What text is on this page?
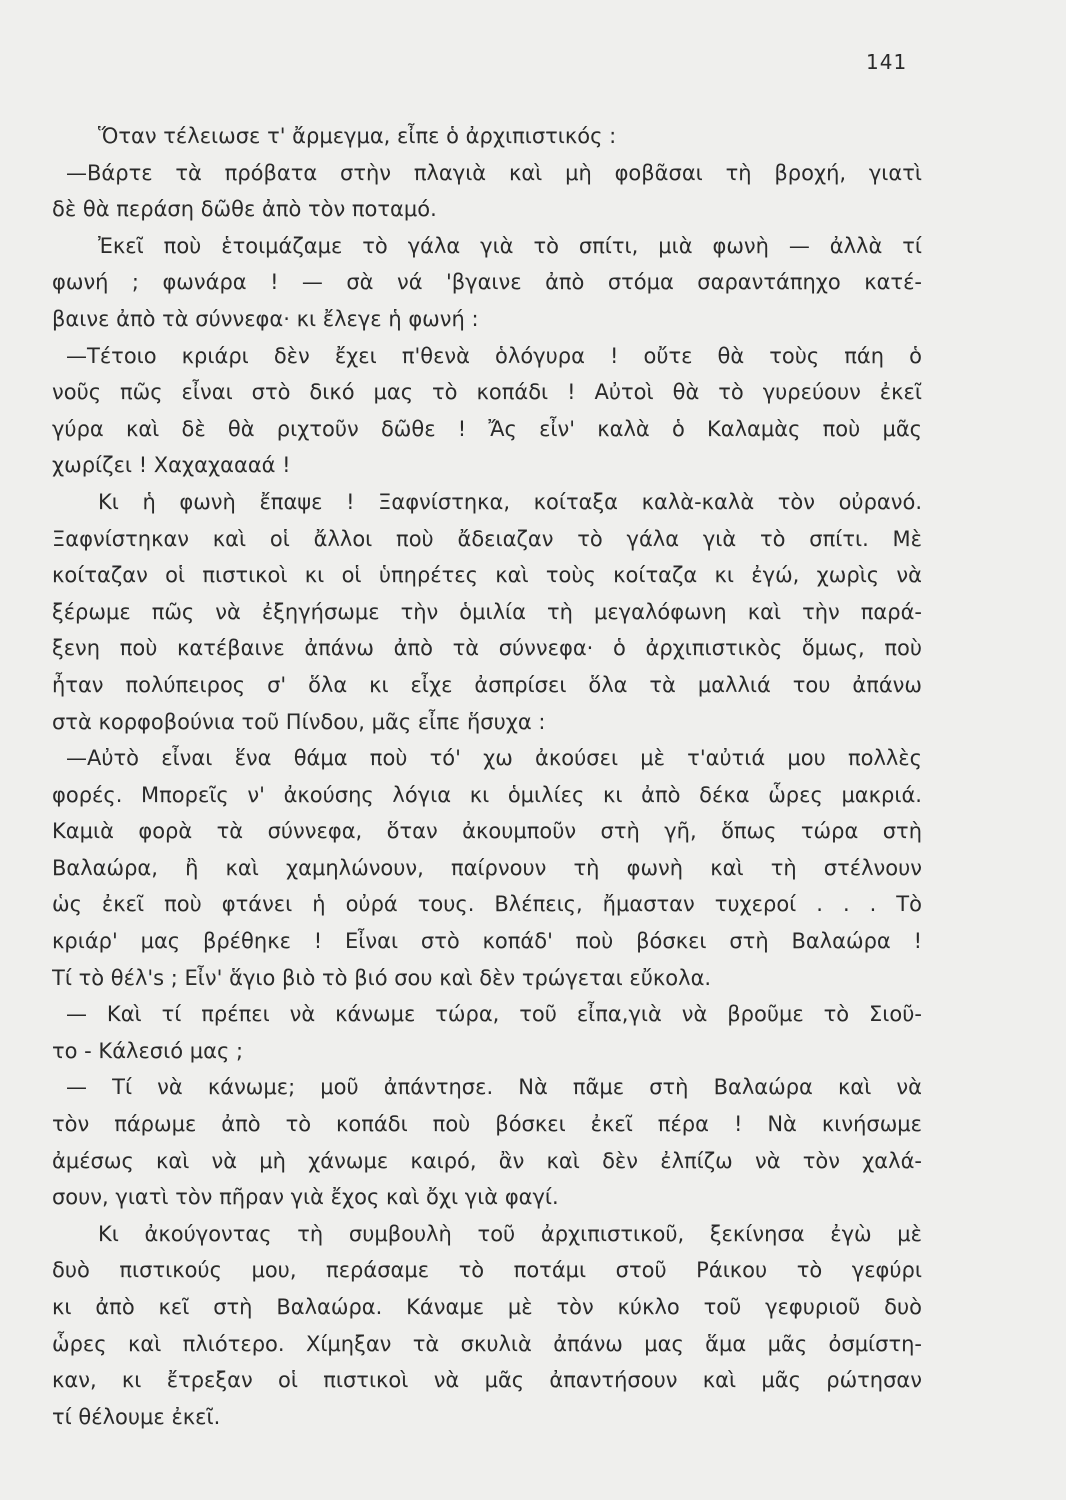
141
Ὅταν τέλειωσε τ' ἄρμεγμα, εἶπε ὁ ἀρχιπιστικός :
—Βάρτε τὰ πρόβατα στὴν πλαγιὰ καὶ μὴ φοβᾶσαι τὴ βροχή, γιατὶ
δὲ θὰ περάση δῶθε ἀπὸ τὸν ποταμό.
Ἐκεῖ ποὺ ἑτοιμάζαμε τὸ γάλα γιὰ τὸ σπίτι, μιὰ φωνὴ — ἀλλὰ τί
φωνή ; φωνάρα ! — σὰ νά 'βγαινε ἀπὸ στόμα σαραντάπηχο κατέ-
βαινε ἀπὸ τὰ σύννεφα· κι ἔλεγε ἡ φωνή :
—Τέτοιο κριάρι δὲν ἔχει π'θενὰ ὁλόγυρα ! οὔτε θὰ τοὺς πάη ὁ
νοῦς πῶς εἶναι στὸ δικό μας τὸ κοπάδι ! Αὐτοὶ θὰ τὸ γυρεύουν ἐκεῖ
γύρα καὶ δὲ θὰ ριχτοῦν δῶθε ! Ἄς εἶν' καλὰ ὁ Καλαμὰς ποὺ μᾶς
χωρίζει ! Χαχαχαααά !
Κι ἡ φωνὴ ἔπαψε ! Ξαφνίστηκα, κοίταξα καλὰ-καλὰ τὸν οὐρανό.
Ξαφνίστηκαν καὶ οἱ ἄλλοι ποὺ ἄδειαζαν τὸ γάλα γιὰ τὸ σπίτι. Μὲ
κοίταζαν οἱ πιστικοὶ κι οἱ ὑπηρέτες καὶ τοὺς κοίταζα κι ἐγώ, χωρὶς νὰ
ξέρωμε πῶς νὰ ἐξηγήσωμε τὴν ὁμιλία τὴ μεγαλόφωνη καὶ τὴν παρά-
ξενη ποὺ κατέβαινε ἀπάνω ἀπὸ τὰ σύννεφα· ὁ ἀρχιπιστικὸς ὅμως, ποὺ
ἦταν πολύπειρος σ' ὅλα κι εἶχε ἀσπρίσει ὅλα τὰ μαλλιά του ἀπάνω
στὰ κορφοβούνια τοῦ Πίνδου, μᾶς εἶπε ἥσυχα :
—Αὐτὸ εἶναι ἕνα θάμα ποὺ τό' χω ἀκούσει μὲ τ'αὐτιά μου πολλὲς
φορές. Μπορεῖς ν' ἀκούσης λόγια κι ὁμιλίες κι ἀπὸ δέκα ὧρες μακριά.
Καμιὰ φορὰ τὰ σύννεφα, ὅταν ἀκουμποῦν στὴ γῆ, ὅπως τώρα στὴ
Βαλαώρα, ἢ καὶ χαμηλώνουν, παίρνουν τὴ φωνὴ καὶ τὴ στέλνουν
ὡς ἐκεῖ ποὺ φτάνει ἡ οὐρά τους. Βλέπεις, ἤμασταν τυχεροί . . . Τὸ
κριάρ' μας βρέθηκε ! Εἶναι στὸ κοπάδ' ποὺ βόσκει στὴ Βαλαώρα !
Τί τὸ θέλ's ; Εἶν' ἅγιο βιὸ τὸ βιό σου καὶ δὲν τρώγεται εὔκολα.
— Καὶ τί πρέπει νὰ κάνωμε τώρα, τοῦ εἶπα,γιὰ νὰ βροῦμε τὸ Σιοῦ-
το - Κάλεσιό μας ;
— Τί νὰ κάνωμε; μοῦ ἀπάντησε. Νὰ πᾶμε στὴ Βαλαώρα καὶ νὰ
τὸν πάρωμε ἀπὸ τὸ κοπάδι ποὺ βόσκει ἐκεῖ πέρα ! Νὰ κινήσωμε
ἀμέσως καὶ νὰ μὴ χάνωμε καιρό, ἂν καὶ δὲν ἐλπίζω νὰ τὸν χαλά-
σουν, γιατὶ τὸν πῆραν γιὰ ἔχος καὶ ὄχι γιὰ φαγί.
Κι ἀκούγοντας τὴ συμβουλὴ τοῦ ἀρχιπιστικοῦ, ξεκίνησα ἐγὼ μὲ
δυὸ πιστικούς μου, περάσαμε τὸ ποτάμι στοῦ Ράικου τὸ γεφύρι
κι ἀπὸ κεῖ στὴ Βαλαώρα. Κάναμε μὲ τὸν κύκλο τοῦ γεφυριοῦ δυὸ
ὧρες καὶ πλιότερο. Χίμηξαν τὰ σκυλιὰ ἀπάνω μας ἅμα μᾶς ὀσμίστη-
καν, κι ἔτρεξαν οἱ πιστικοὶ νὰ μᾶς ἀπαντήσουν καὶ μᾶς ρώτησαν
τί θέλουμε ἐκεῖ.
